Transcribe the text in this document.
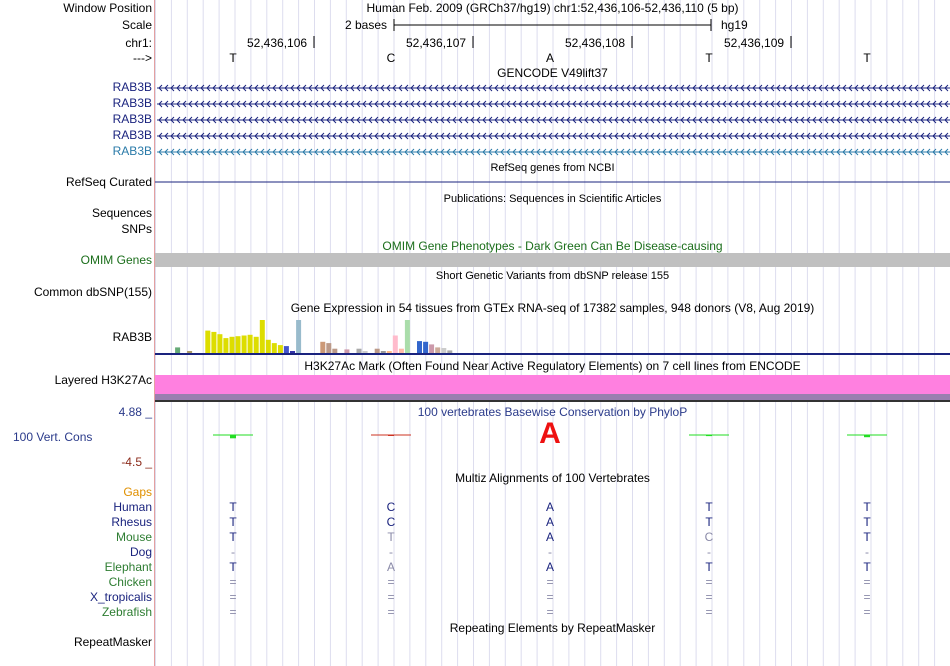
Window Position	Human Feb. 2009 (GRCh37/hg19) chr1:52,436,106-52,436,110 (5 bp)
Scale	2 bases	hg19
chr1:	52,436,106	52,436,107	52,436,108	52,436,109
--->	T	C	A	T	T
GENCODE V49lift37
RAB3B
RAB3B
RAB3B
RAB3B
RAB3B
RefSeq genes from NCBI
RefSeq Curated
Publications: Sequences in Scientific Articles
Sequences
SNPs
OMIM Gene Phenotypes - Dark Green Can Be Disease-causing
OMIM Genes
Short Genetic Variants from dbSNP release 155
Common dbSNP(155)
Gene Expression in 54 tissues from GTEx RNA-seq of 17382 samples, 948 donors (V8, Aug 2019)
RAB3B
H3K27Ac Mark (Often Found Near Active Regulatory Elements) on 7 cell lines from ENCODE
Layered H3K27Ac
4.88 _	100 vertebrates Basewise Conservation by PhyloP
100 Vert. Cons	A
-4.5 _
Multiz Alignments of 100 Vertebrates
Gaps
Human	T	C	A	T	T
Rhesus	T	C	A	T	T
Mouse	T	T	A	C	T
Dog	-	-	-	-	-
Elephant	T	A	A	T	T
Chicken	=	=	=	=	=
X_tropicalis	=	=	=	=	=
Zebrafish	=	=	=	=	=
Repeating Elements by RepeatMasker
RepeatMasker
